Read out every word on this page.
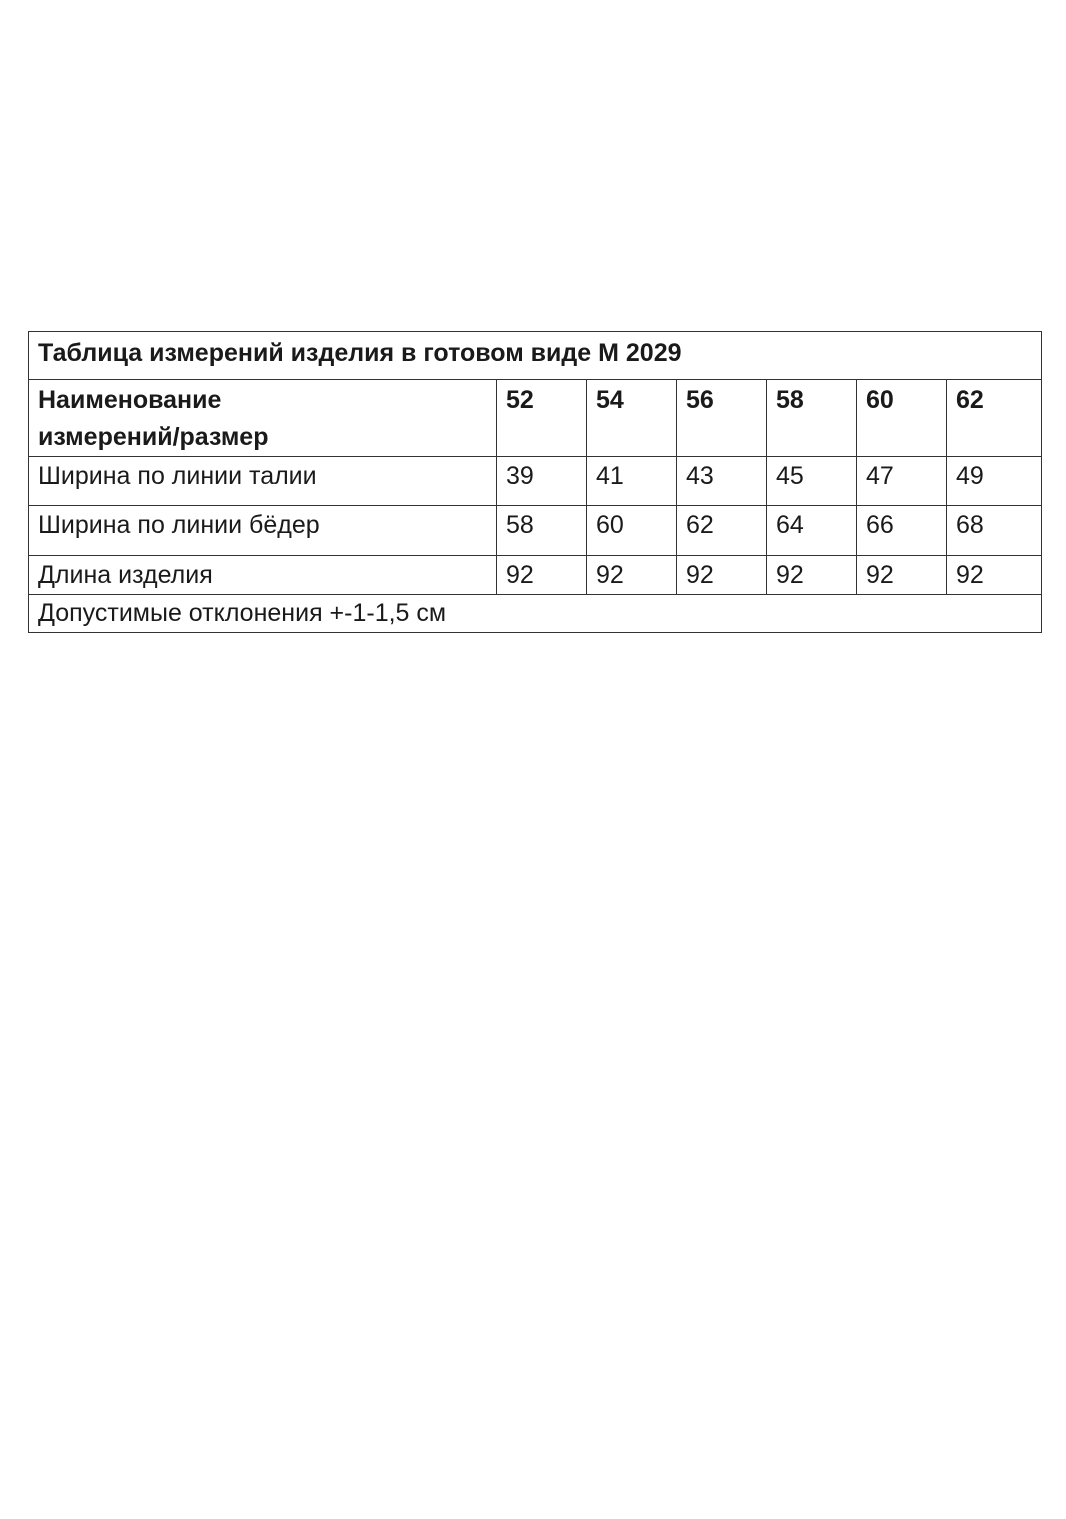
Таблица измерений изделия в готовом виде М 2029						

Наименование
измерений/размер	52	54	56	58	60	62
Ширина по линии талии	39	41	43	45	47	49
Ширина по линии бёдер	58	60	62	64	66	68
Длина изделия	92	92	92	92	92	92
Допустимые отклонения +-1-1,5 см						
